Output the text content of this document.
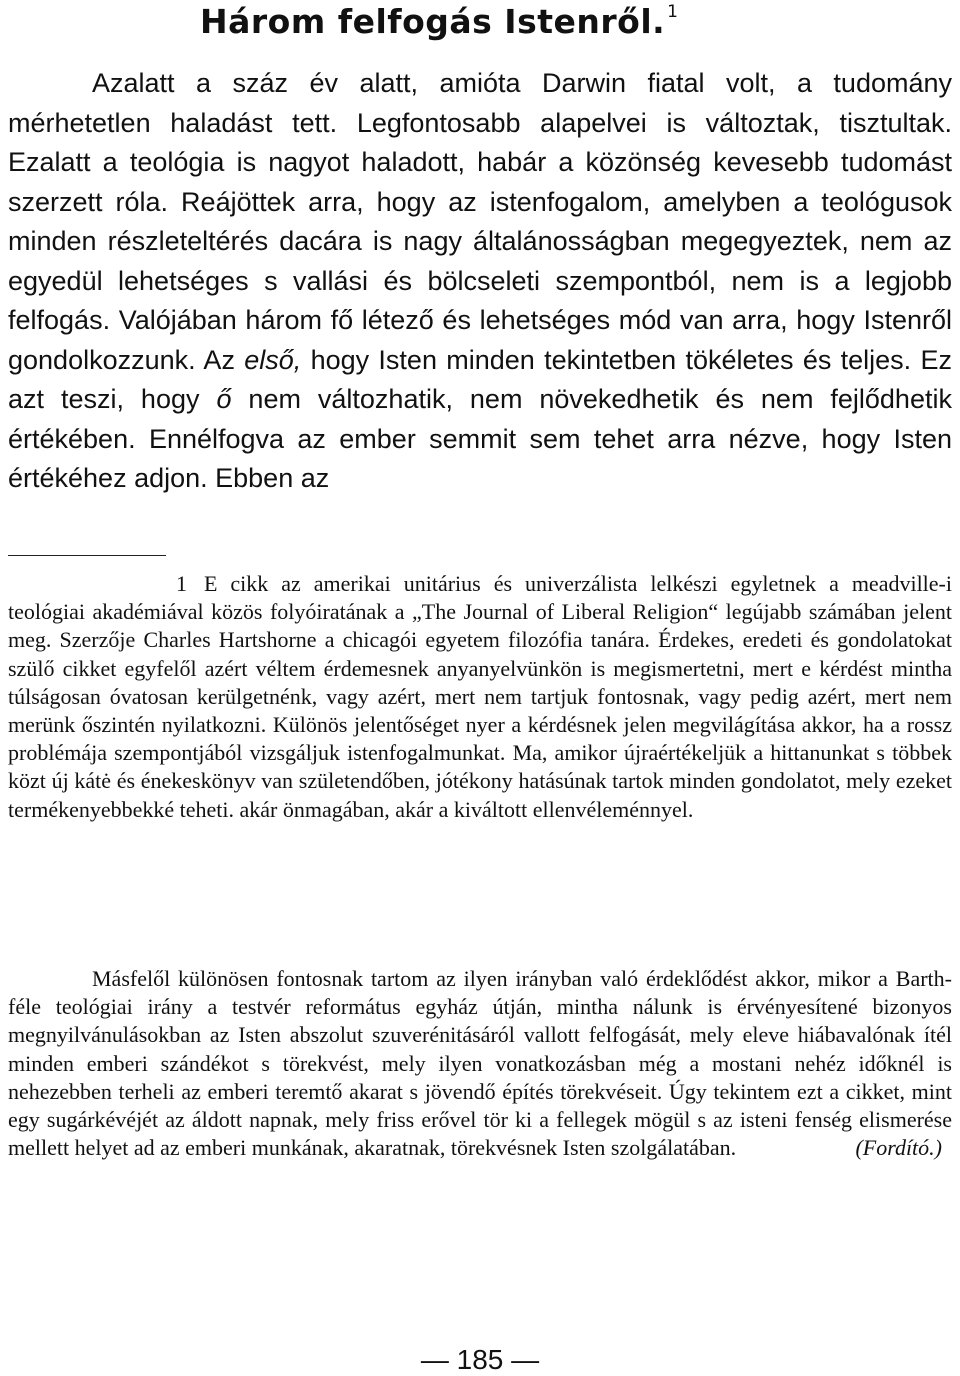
Három felfogás Istenről. $^1$

Azalatt a száz év alatt, amióta Darwin fiatal volt, a tudomány mérhetetlen haladást tett. Legfontosabb alapelvei is változtak, tisztultak. Ezalatt a teológia is nagyot haladott, habár a közönség kevesebb tudomást szerzett róla. Reájöttek arra, hogy az istenfogalom, amelyben a teológusok minden részleteltérés dacára is nagy általánosságban megegyeztek, nem az egyedül lehetséges s vallási és bölcseleti szempontból, nem is a legjobb felfogás. Valójában három fő létező és lehetséges mód van arra, hogy Istenről gondolkozzunk. Az első, hogy Isten minden tekintetben tökéletes és teljes. Ez azt teszi, hogy ő nem változhatik, nem növekedhetik és nem fejlődhetik értékében. Ennélfogva az ember semmit sem tehet arra nézve, hogy Isten értékéhez adjon. Ebben az

1 E cikk az amerikai unitárius és univerzálista lelkészi egyletnek a meadville-i teológiai akadémiával közös folyóiratának a „The Journal of Liberal Religion“ legújabb számában jelent meg. Szerzője Charles Hartshorne a chicagói egyetem filozófia tanára. Érdekes, eredeti és gondolatokat szülő cikket egyfelől azért véltem érdemesnek anyanyelvünkön is megismertetni, mert e kérdést mintha túlságosan óvatosan kerülgetnénk, vagy azért, mert nem tartjuk fontosnak, vagy pedig azért, mert nem merünk őszintén nyilatkozni. Különös jelentőséget nyer a kérdésnek jelen megvilágítása akkor, ha a rossz problémája szempontjából vizsgáljuk istenfogalmunkat. Ma, amikor újraértékeljük a hittanunkat s többek közt új kátė és énekeskönyv van születendőben, jótékony hatásúnak tartok minden gondolatot, mely ezeket termékenyebbekké teheti. akár önmagában, akár a kiváltott ellenvéleménnyel.

Másfelől különösen fontosnak tartom az ilyen irányban való érdeklődést akkor, mikor a Barth-féle teológiai irány a testvér református egyház útján, mintha nálunk is érvényesítené bizonyos megnyilvánulásokban az Isten abszolut szuverénitásáról vallott felfogását, mely eleve hiábavalónak ítél minden emberi szándékot s törekvést, mely ilyen vonatkozásban még a mostani nehéz időknél is nehezebben terheli az emberi teremtő akarat s jövendő építés törekvéseit. Úgy tekintem ezt a cikket, mint egy sugárkévéjét az áldott napnak, mely friss erővel tör ki a fellegek mögül s az isteni fenség elismerése mellett helyet ad az emberi munkának, akaratnak, törekvésnek Isten szolgálatában.	(Fordító.)

— 185 —
